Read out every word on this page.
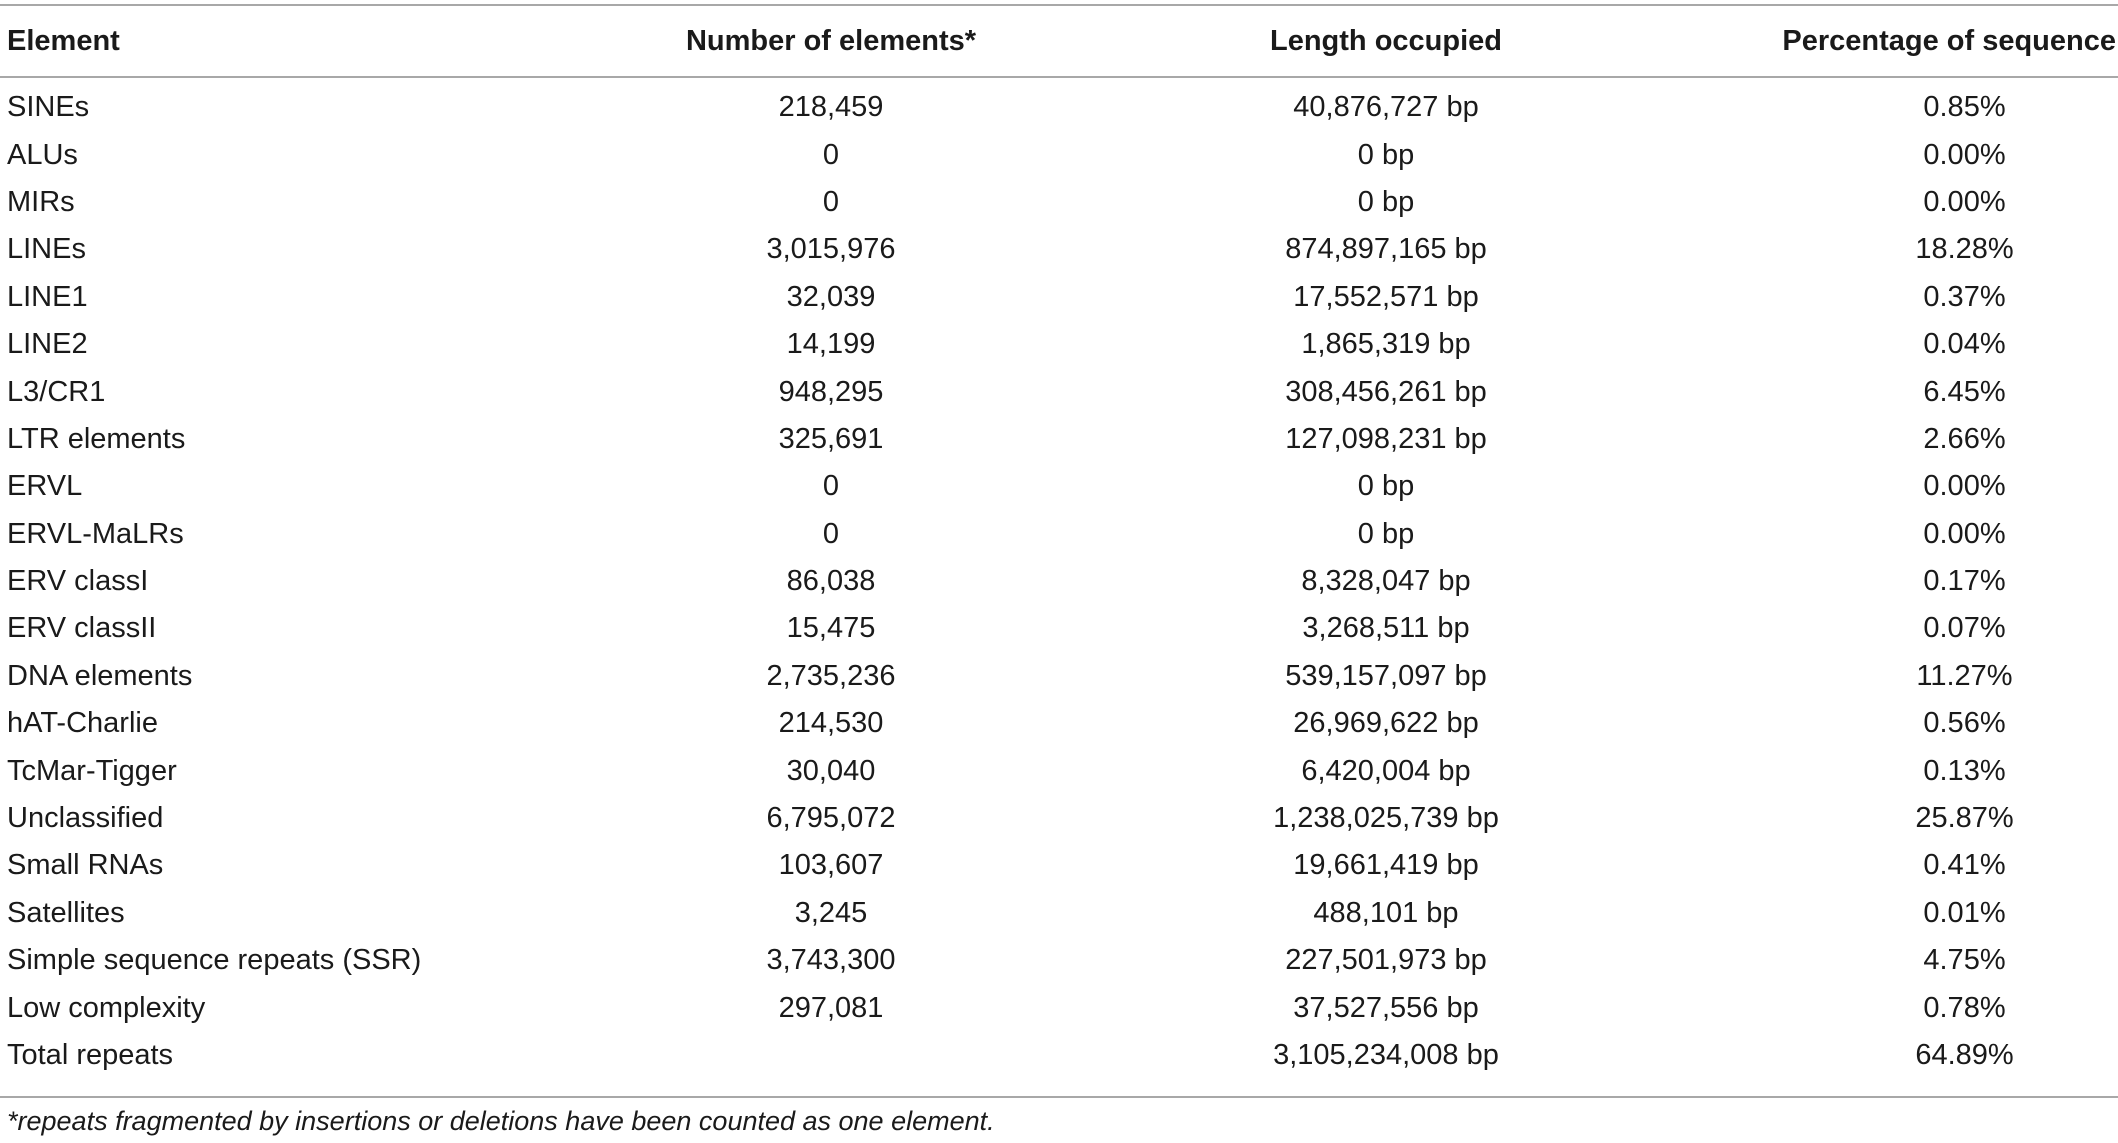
Element	Number of elements*	Length occupied	Percentage of sequence
SINEs	218,459	40,876,727 bp	0.85%
ALUs	0	0 bp	0.00%
MIRs	0	0 bp	0.00%
LINEs	3,015,976	874,897,165 bp	18.28%
LINE1	32,039	17,552,571 bp	0.37%
LINE2	14,199	1,865,319 bp	0.04%
L3/CR1	948,295	308,456,261 bp	6.45%
LTR elements	325,691	127,098,231 bp	2.66%
ERVL	0	0 bp	0.00%
ERVL-MaLRs	0	0 bp	0.00%
ERV classI	86,038	8,328,047 bp	0.17%
ERV classII	15,475	3,268,511 bp	0.07%
DNA elements	2,735,236	539,157,097 bp	11.27%
hAT-Charlie	214,530	26,969,622 bp	0.56%
TcMar-Tigger	30,040	6,420,004 bp	0.13%
Unclassified	6,795,072	1,238,025,739 bp	25.87%
Small RNAs	103,607	19,661,419 bp	0.41%
Satellites	3,245	488,101 bp	0.01%
Simple sequence repeats (SSR)	3,743,300	227,501,973 bp	4.75%
Low complexity	297,081	37,527,556 bp	0.78%
Total repeats		3,105,234,008 bp	64.89%
*repeats fragmented by insertions or deletions have been counted as one element.
